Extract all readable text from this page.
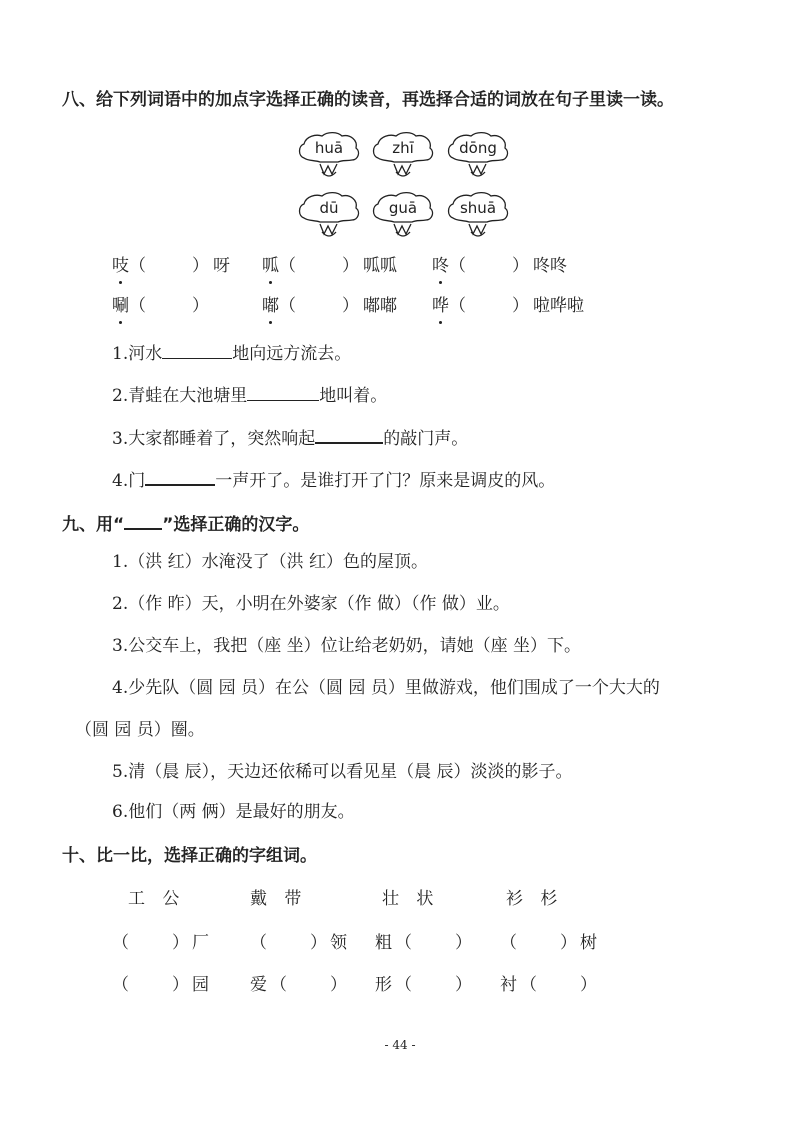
八、给下列词语中的加点字选择正确的读音，再选择合适的词放在句子里读一读。
九、用“ ”选择正确的汉字。
十、比一比，选择正确的字组词。
- 44 -
huā	zhī	dōng
dū	guā	shuā
吱（　　）呀 呱（　　）呱呱 咚（　　）咚咚
唰（　　）	嘟（　　）嘟嘟 哗（　　）啦哗啦
1.河水	地向远方流去。
2.青蛙在大池塘里	地叫着。
3.大家都睡着了，突然响起	的敲门声。
4.门	一声开了。是谁打开了门？原来是调皮的风。
1.（洪 红）水淹没了（洪 红）色的屋顶。
2.（作 昨）天，小明在外婆家（作 做）（作 做）业。
3.公交车上，我把（座 坐）位让给老奶奶，请她（座 坐）下。
4.少先队（圆 园 员）在公（圆 园 员）里做游戏，他们围成了一个大大的
（圆 园 员）圈。
5.清（晨 辰），天边还依稀可以看见星（晨 辰）淡淡的影子。
6.他们（两 俩）是最好的朋友。
工 公	戴 带	壮 状	衫 杉
（　　）厂 （　　）领 粗（　　） （　　）树
（　　）园 爱（　　） 形（　　） 衬（　　）
